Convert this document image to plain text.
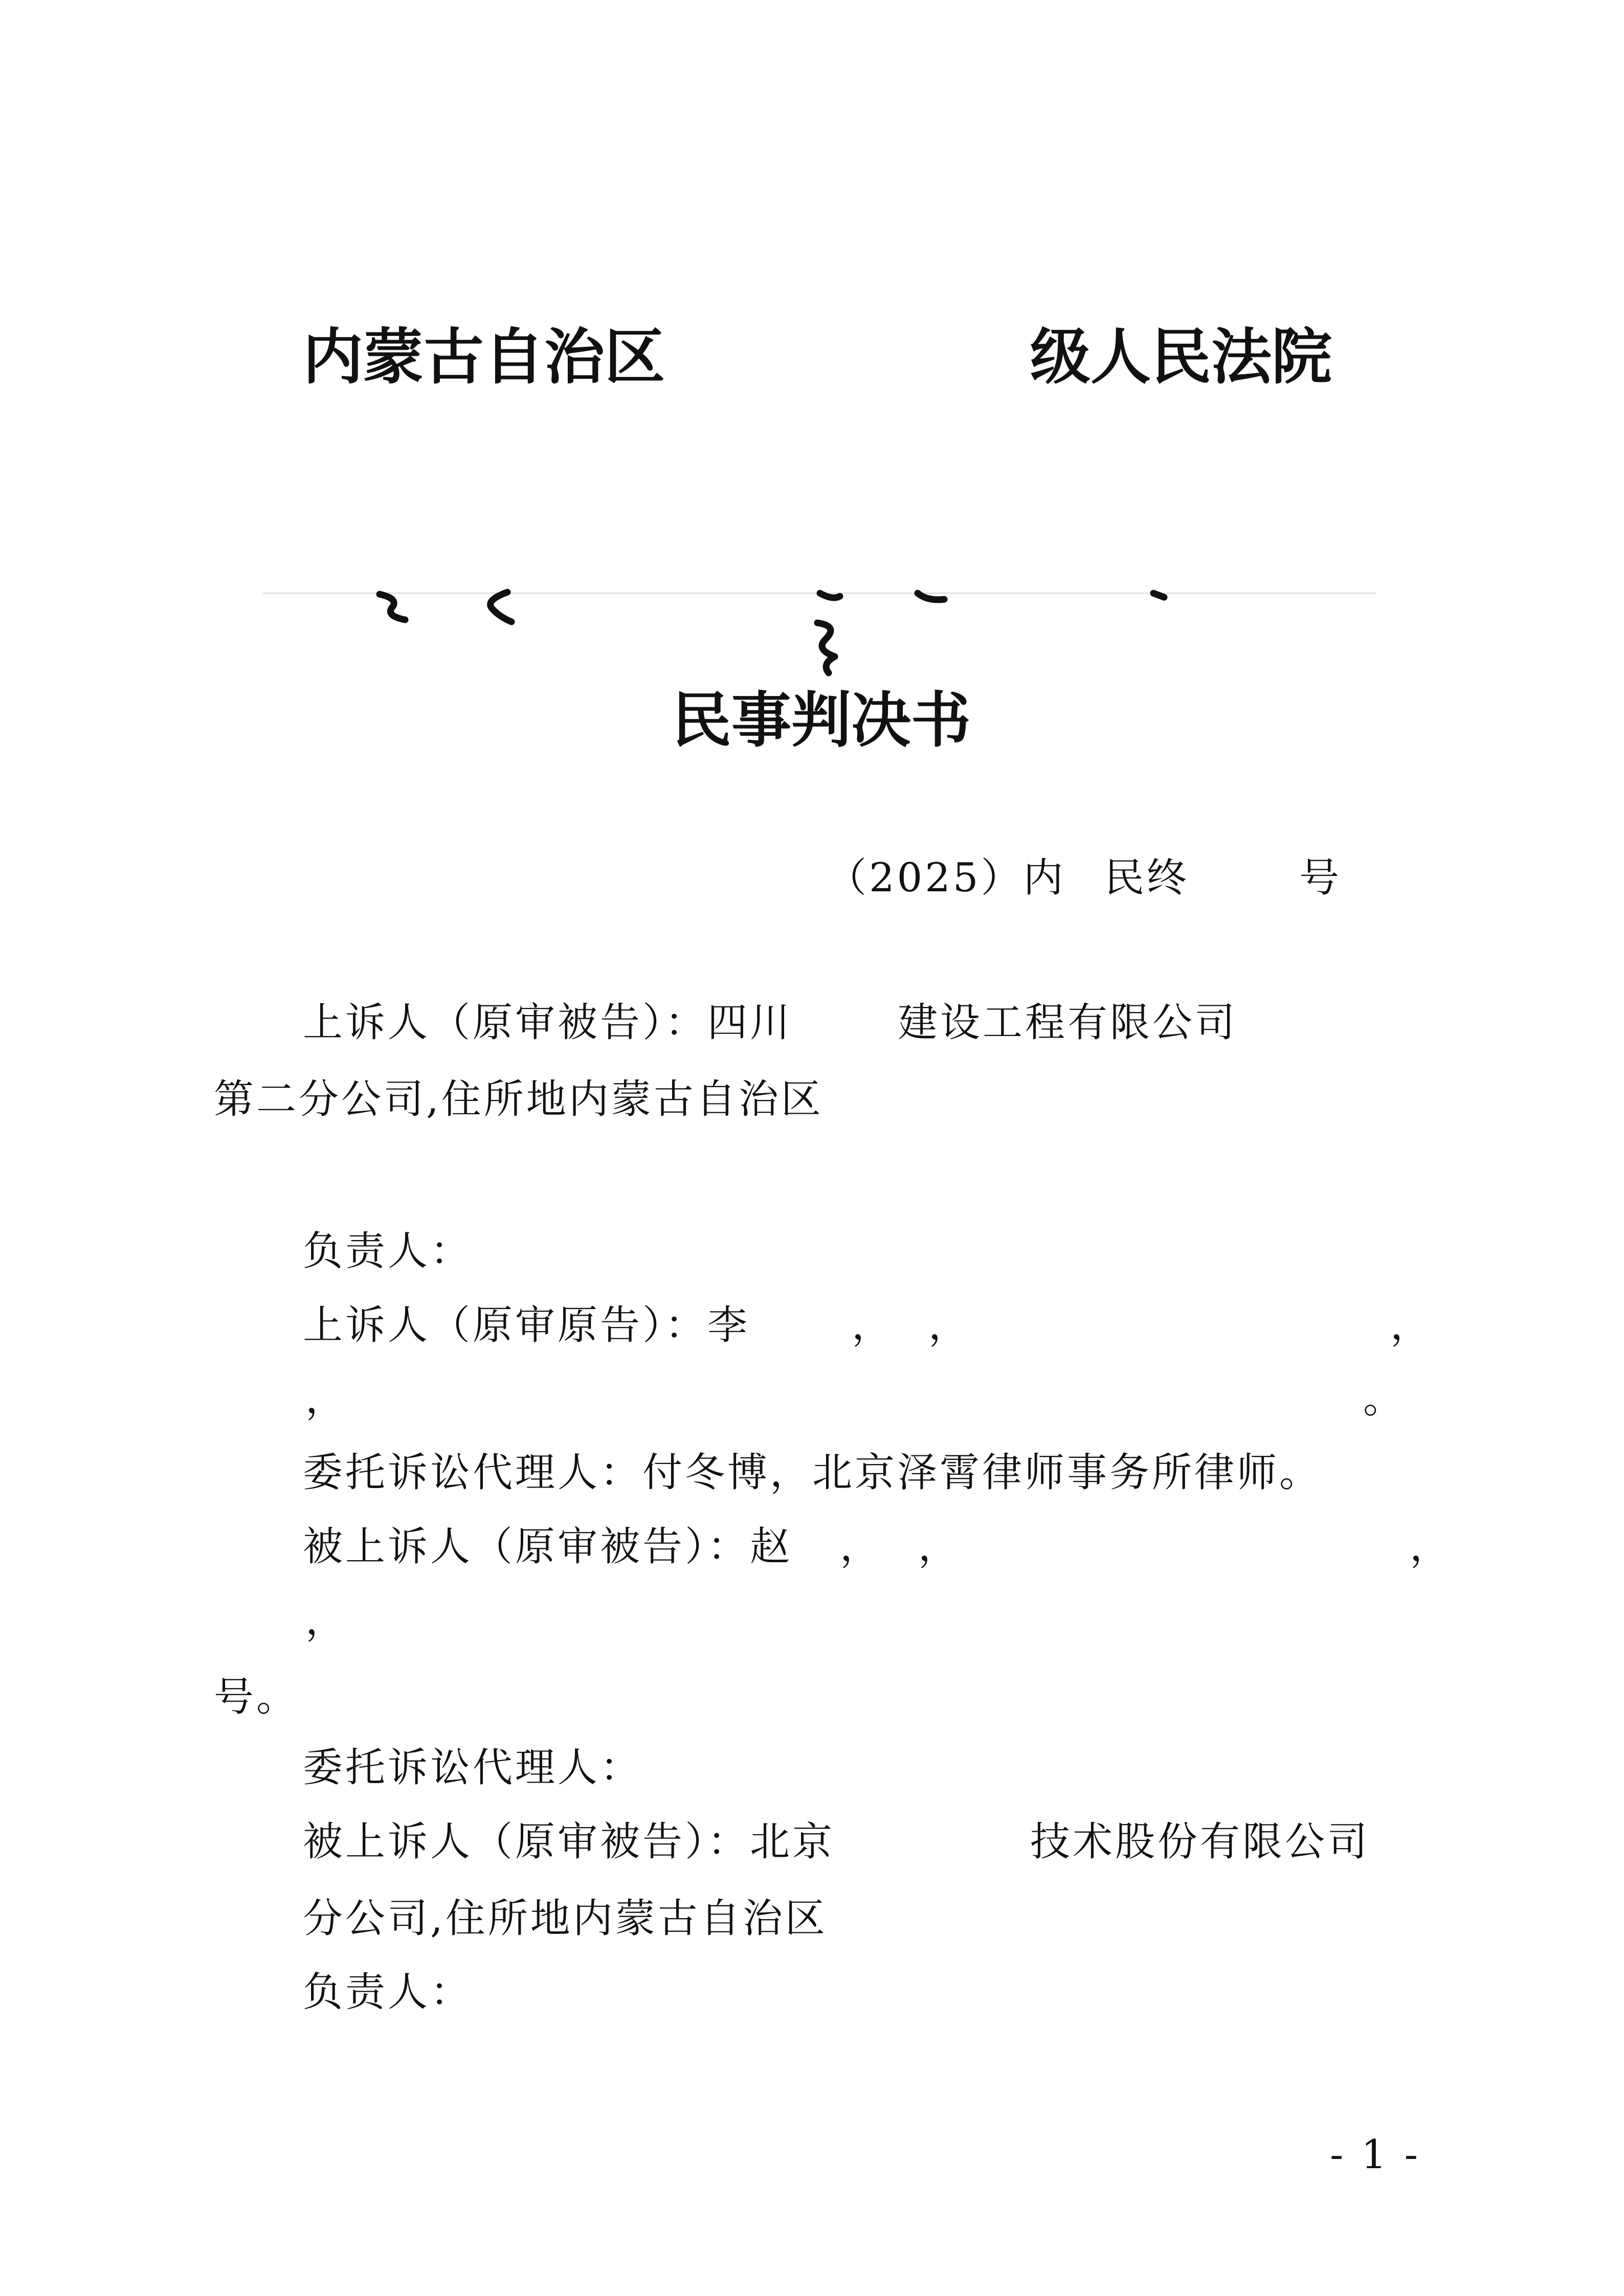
内蒙古自治区	级人民法院
民事判决书
（2025）内 民终	号
上诉人（原审被告）：四川	建设工程有限公司
第二分公司,住所地内蒙古自治区
负责人：
上诉人（原审原告）：李	， ，	，
，	。
委托诉讼代理人：付冬博，北京泽霄律师事务所律师。
被上诉人（原审被告）：赵 ， ，	，
，
号。
委托诉讼代理人：
被上诉人（原审被告）：北京	技术股份有限公司
分公司,住所地内蒙古自治区
负责人：
- 1 -
